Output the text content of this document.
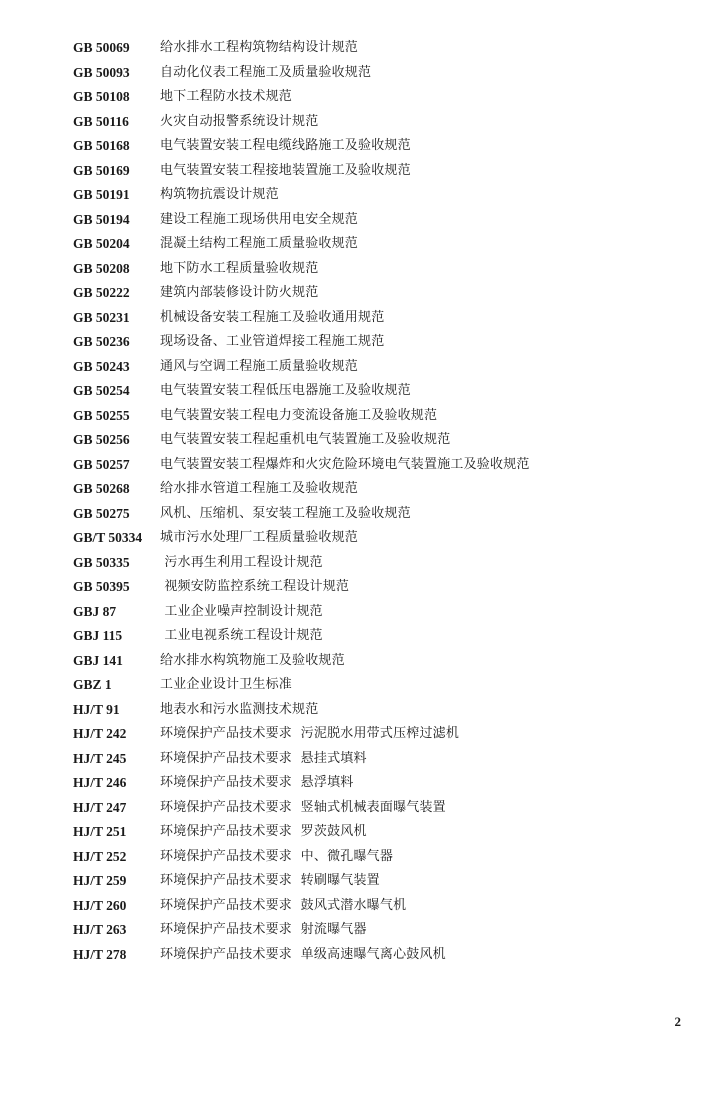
GB 50069 给水排水工程构筑物结构设计规范
GB 50093 自动化仪表工程施工及质量验收规范
GB 50108 地下工程防水技术规范
GB 50116 火灾自动报警系统设计规范
GB 50168 电气装置安装工程电缆线路施工及验收规范
GB 50169 电气装置安装工程接地装置施工及验收规范
GB 50191 构筑物抗震设计规范
GB 50194 建设工程施工现场供用电安全规范
GB 50204 混凝土结构工程施工质量验收规范
GB 50208 地下防水工程质量验收规范
GB 50222 建筑内部装修设计防火规范
GB 50231 机械设备安装工程施工及验收通用规范
GB 50236 现场设备、工业管道焊接工程施工规范
GB 50243 通风与空调工程施工质量验收规范
GB 50254 电气装置安装工程低压电器施工及验收规范
GB 50255 电气装置安装工程电力变流设备施工及验收规范
GB 50256 电气装置安装工程起重机电气装置施工及验收规范
GB 50257 电气装置安装工程爆炸和火灾危险环境电气装置施工及验收规范
GB 50268 给水排水管道工程施工及验收规范
GB 50275 风机、压缩机、泵安装工程施工及验收规范
GB/T 50334 城市污水处理厂工程质量验收规范
GB 50335 污水再生利用工程设计规范
GB 50395 视频安防监控系统工程设计规范
GBJ 87	工业企业噪声控制设计规范
GBJ 115	工业电视系统工程设计规范
GBJ 141	给水排水构筑物施工及验收规范
GBZ 1	工业企业设计卫生标准
HJ/T 91	地表水和污水监测技术规范
HJ/T 242	环境保护产品技术要求  污泥脱水用带式压榨过滤机
HJ/T 245	环境保护产品技术要求  悬挂式填料
HJ/T 246	环境保护产品技术要求  悬浮填料
HJ/T 247	环境保护产品技术要求  竖轴式机械表面曝气装置
HJ/T 251	环境保护产品技术要求  罗茨鼓风机
HJ/T 252	环境保护产品技术要求  中、微孔曝气器
HJ/T 259	环境保护产品技术要求  转刷曝气装置
HJ/T 260	环境保护产品技术要求  鼓风式潜水曝气机
HJ/T 263	环境保护产品技术要求  射流曝气器
HJ/T 278	环境保护产品技术要求  单级高速曝气离心鼓风机
2
